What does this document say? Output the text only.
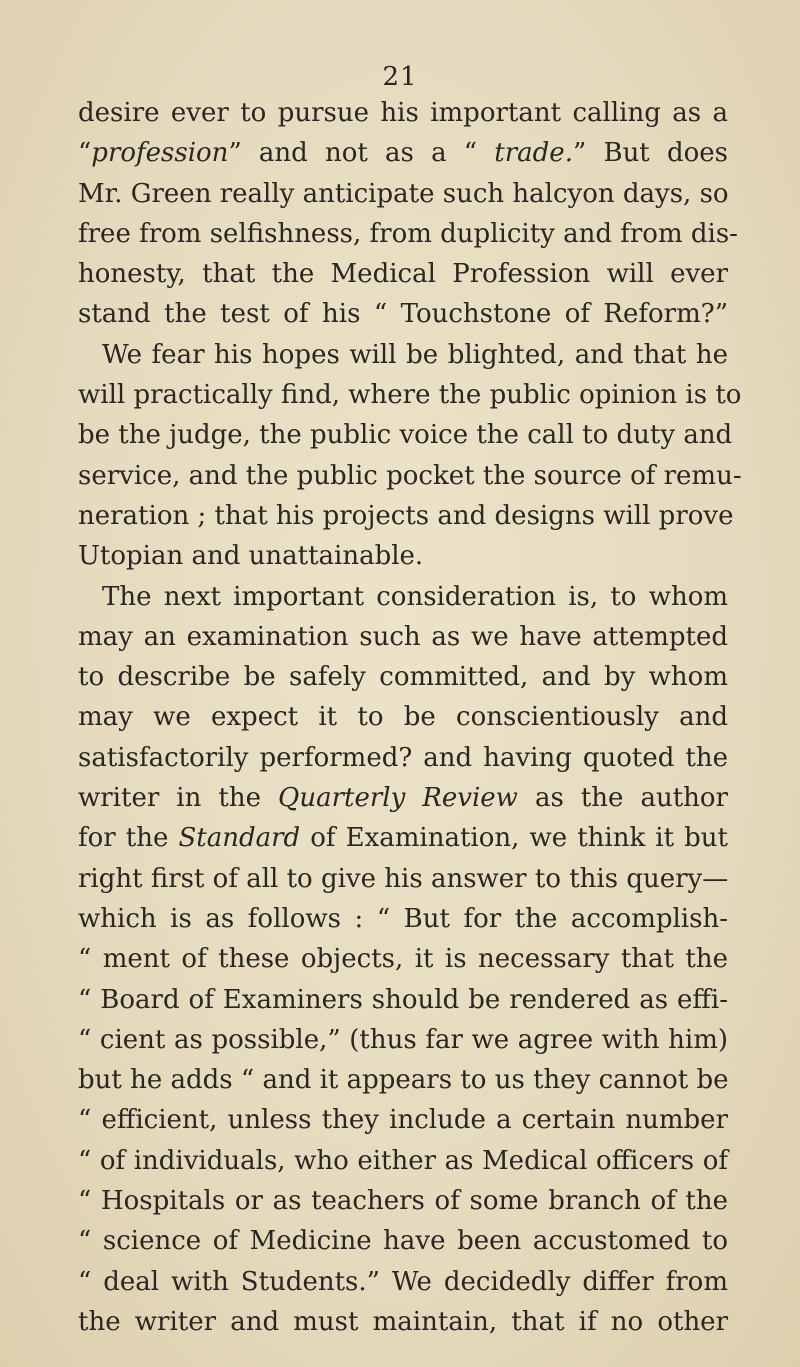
21
desire ever to pursue his important calling as a
“profession” and not as a “ trade.” But does
Mr. Green really anticipate such halcyon days, so
free from selfishness, from duplicity and from dis-
honesty, that the Medical Profession will ever
stand the test of his “ Touchstone of Reform?”
We fear his hopes will be blighted, and that he
will practically find, where the public opinion is to
be the judge, the public voice the call to duty and
service, and the public pocket the source of remu-
neration ; that his projects and designs will prove
Utopian and unattainable.
The next important consideration is, to whom
may an examination such as we have attempted
to describe be safely committed, and by whom
may we expect it to be conscientiously and
satisfactorily performed? and having quoted the
writer in the Quarterly Review as the author
for the Standard of Examination, we think it but
right first of all to give his answer to this query—
which is as follows : “ But for the accomplish-
“ ment of these objects, it is necessary that the
“ Board of Examiners should be rendered as effi-
“ cient as possible,” (thus far we agree with him)
but he adds “ and it appears to us they cannot be
“ efficient, unless they include a certain number
“ of individuals, who either as Medical officers of
“ Hospitals or as teachers of some branch of the
“ science of Medicine have been accustomed to
“ deal with Students.” We decidedly differ from
the writer and must maintain, that if no other
